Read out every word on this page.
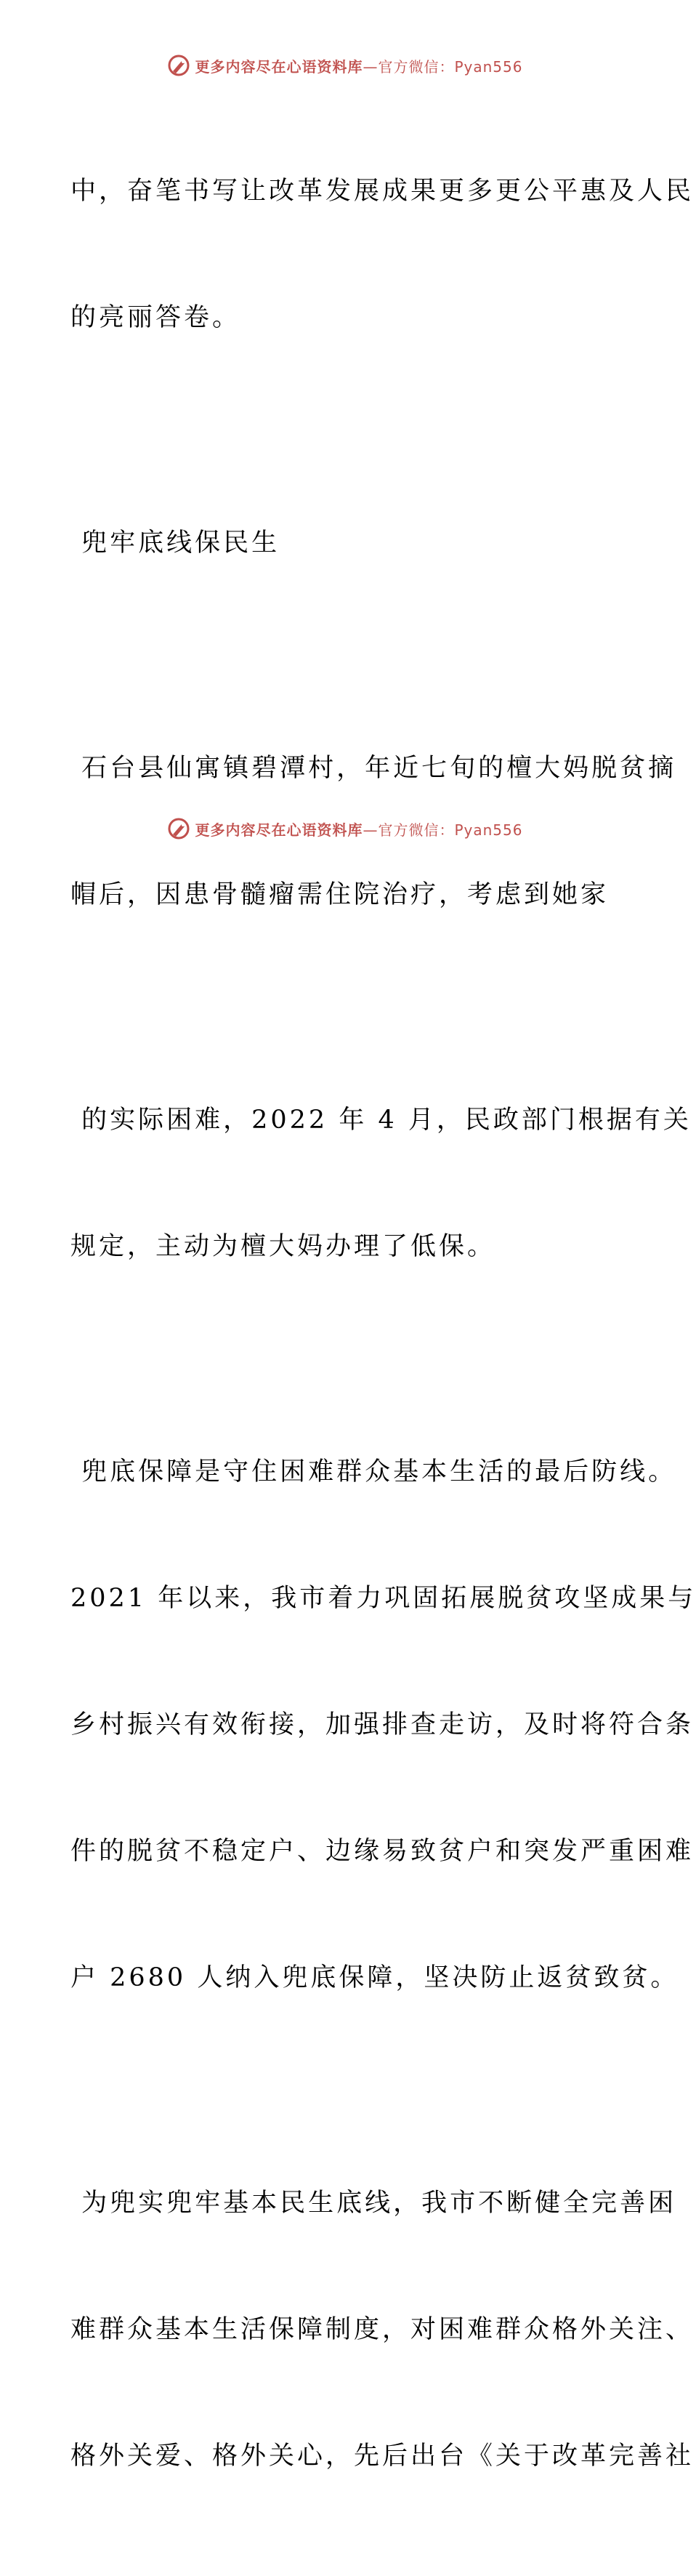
更多内容尽在心语资料库—官方微信：Pyan556

中，奋笔书写让改革发展成果更多更公平惠及人民

的亮丽答卷。

兜牢底线保民生

石台县仙寓镇碧潭村，年近七旬的檀大妈脱贫摘

帽后，因患骨髓瘤需住院治疗，考虑到她家

的实际困难，2022 年 4 月，民政部门根据有关

规定，主动为檀大妈办理了低保。

兜底保障是守住困难群众基本生活的最后防线。

2021 年以来，我市着力巩固拓展脱贫攻坚成果与

乡村振兴有效衔接，加强排查走访，及时将符合条

件的脱贫不稳定户、边缘易致贫户和突发严重困难

户 2680 人纳入兜底保障，坚决防止返贫致贫。

为兜实兜牢基本民生底线，我市不断健全完善困

难群众基本生活保障制度，对困难群众格外关注、

格外关爱、格外关心，先后出台《关于改革完善社

更多内容尽在心语资料库—官方微信：Pyan556
